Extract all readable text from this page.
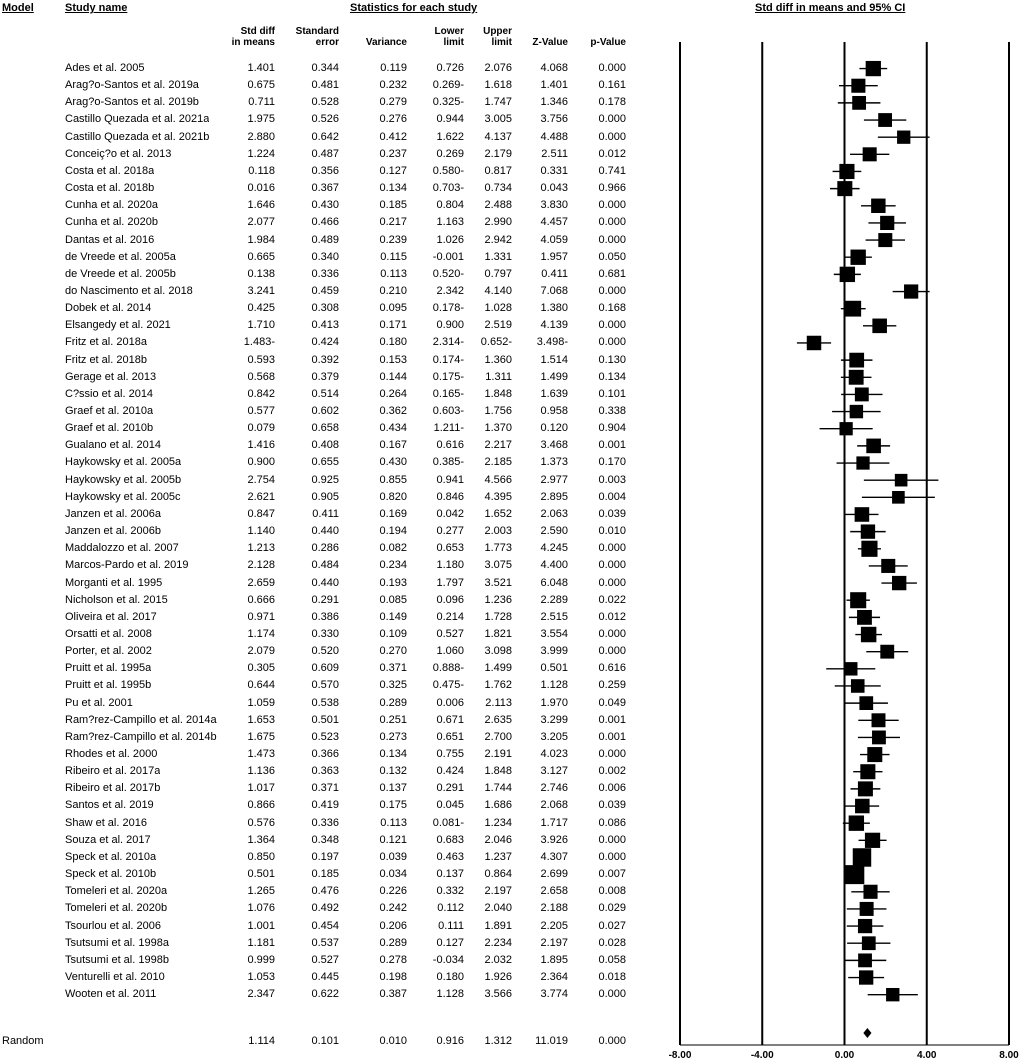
Model	Study name	Statistics for each study	Std diff in means and 95% CI
Std diff
in means
Standard
error	Variance
Lower
limit
Upper
limit	Z-Value	p-Value
Ades et al. 2005	1.401	0.344	0.119	0.726	2.076	4.068	0.000
Arag?o-Santos et al. 2019a	0.675	0.481	0.232	0.269-	1.618	1.401	0.161
Arag?o-Santos et al. 2019b	0.711	0.528	0.279	0.325-	1.747	1.346	0.178
Castillo Quezada et al. 2021a	1.975	0.526	0.276	0.944	3.005	3.756	0.000
Castillo Quezada et al. 2021b	2.880	0.642	0.412	1.622	4.137	4.488	0.000
Conceiç?o et al. 2013	1.224	0.487	0.237	0.269	2.179	2.511	0.012
Costa et al. 2018a	0.118	0.356	0.127	0.580-	0.817	0.331	0.741
Costa et al. 2018b	0.016	0.367	0.134	0.703-	0.734	0.043	0.966
Cunha et al. 2020a	1.646	0.430	0.185	0.804	2.488	3.830	0.000
Cunha et al. 2020b	2.077	0.466	0.217	1.163	2.990	4.457	0.000
Dantas et al. 2016	1.984	0.489	0.239	1.026	2.942	4.059	0.000
de Vreede et al. 2005a	0.665	0.340	0.115	-0.001	1.331	1.957	0.050
de Vreede et al. 2005b	0.138	0.336	0.113	0.520-	0.797	0.411	0.681
do Nascimento et al. 2018	3.241	0.459	0.210	2.342	4.140	7.068	0.000
Dobek et al. 2014	0.425	0.308	0.095	0.178-	1.028	1.380	0.168
Elsangedy et al. 2021	1.710	0.413	0.171	0.900	2.519	4.139	0.000
Fritz et al. 2018a	1.483-	0.424	0.180	2.314-	0.652-	3.498-	0.000
Fritz et al. 2018b	0.593	0.392	0.153	0.174-	1.360	1.514	0.130
Gerage et al. 2013	0.568	0.379	0.144	0.175-	1.311	1.499	0.134
C?ssio et al. 2014	0.842	0.514	0.264	0.165-	1.848	1.639	0.101
Graef et al. 2010a	0.577	0.602	0.362	0.603-	1.756	0.958	0.338
Graef et al. 2010b	0.079	0.658	0.434	1.211-	1.370	0.120	0.904
Gualano et al. 2014	1.416	0.408	0.167	0.616	2.217	3.468	0.001
Haykowsky et al. 2005a	0.900	0.655	0.430	0.385-	2.185	1.373	0.170
Haykowsky et al. 2005b	2.754	0.925	0.855	0.941	4.566	2.977	0.003
Haykowsky et al. 2005c	2.621	0.905	0.820	0.846	4.395	2.895	0.004
Janzen et al. 2006a	0.847	0.411	0.169	0.042	1.652	2.063	0.039
Janzen et al. 2006b	1.140	0.440	0.194	0.277	2.003	2.590	0.010
Maddalozzo et al. 2007	1.213	0.286	0.082	0.653	1.773	4.245	0.000
Marcos-Pardo et al. 2019	2.128	0.484	0.234	1.180	3.075	4.400	0.000
Morganti et al. 1995	2.659	0.440	0.193	1.797	3.521	6.048	0.000
Nicholson et al. 2015	0.666	0.291	0.085	0.096	1.236	2.289	0.022
Oliveira et al. 2017	0.971	0.386	0.149	0.214	1.728	2.515	0.012
Orsatti et al. 2008	1.174	0.330	0.109	0.527	1.821	3.554	0.000
Porter, et al. 2002	2.079	0.520	0.270	1.060	3.098	3.999	0.000
Pruitt et al. 1995a	0.305	0.609	0.371	0.888-	1.499	0.501	0.616
Pruitt et al. 1995b	0.644	0.570	0.325	0.475-	1.762	1.128	0.259
Pu et al. 2001	1.059	0.538	0.289	0.006	2.113	1.970	0.049
Ram?rez-Campillo et al. 2014a	1.653	0.501	0.251	0.671	2.635	3.299	0.001
Ram?rez-Campillo et al. 2014b	1.675	0.523	0.273	0.651	2.700	3.205	0.001
Rhodes et al. 2000	1.473	0.366	0.134	0.755	2.191	4.023	0.000
Ribeiro et al. 2017a	1.136	0.363	0.132	0.424	1.848	3.127	0.002
Ribeiro et al. 2017b	1.017	0.371	0.137	0.291	1.744	2.746	0.006
Santos et al. 2019	0.866	0.419	0.175	0.045	1.686	2.068	0.039
Shaw et al. 2016	0.576	0.336	0.113	0.081-	1.234	1.717	0.086
Souza et al. 2017	1.364	0.348	0.121	0.683	2.046	3.926	0.000
Speck et al. 2010a	0.850	0.197	0.039	0.463	1.237	4.307	0.000
Speck et al. 2010b	0.501	0.185	0.034	0.137	0.864	2.699	0.007
Tomeleri et al. 2020a	1.265	0.476	0.226	0.332	2.197	2.658	0.008
Tomeleri et al. 2020b	1.076	0.492	0.242	0.112	2.040	2.188	0.029
Tsourlou et al. 2006	1.001	0.454	0.206	0.111	1.891	2.205	0.027
Tsutsumi et al. 1998a	1.181	0.537	0.289	0.127	2.234	2.197	0.028
Tsutsumi et al. 1998b	0.999	0.527	0.278	-0.034	2.032	1.895	0.058
Venturelli et al. 2010	1.053	0.445	0.198	0.180	1.926	2.364	0.018
Wooten et al. 2011	2.347	0.622	0.387	1.128	3.566	3.774	0.000
Random	1.114	0.101	0.010	0.916	1.312	11.019	0.000
-8.00	-4.00	0.00	4.00	8.00
